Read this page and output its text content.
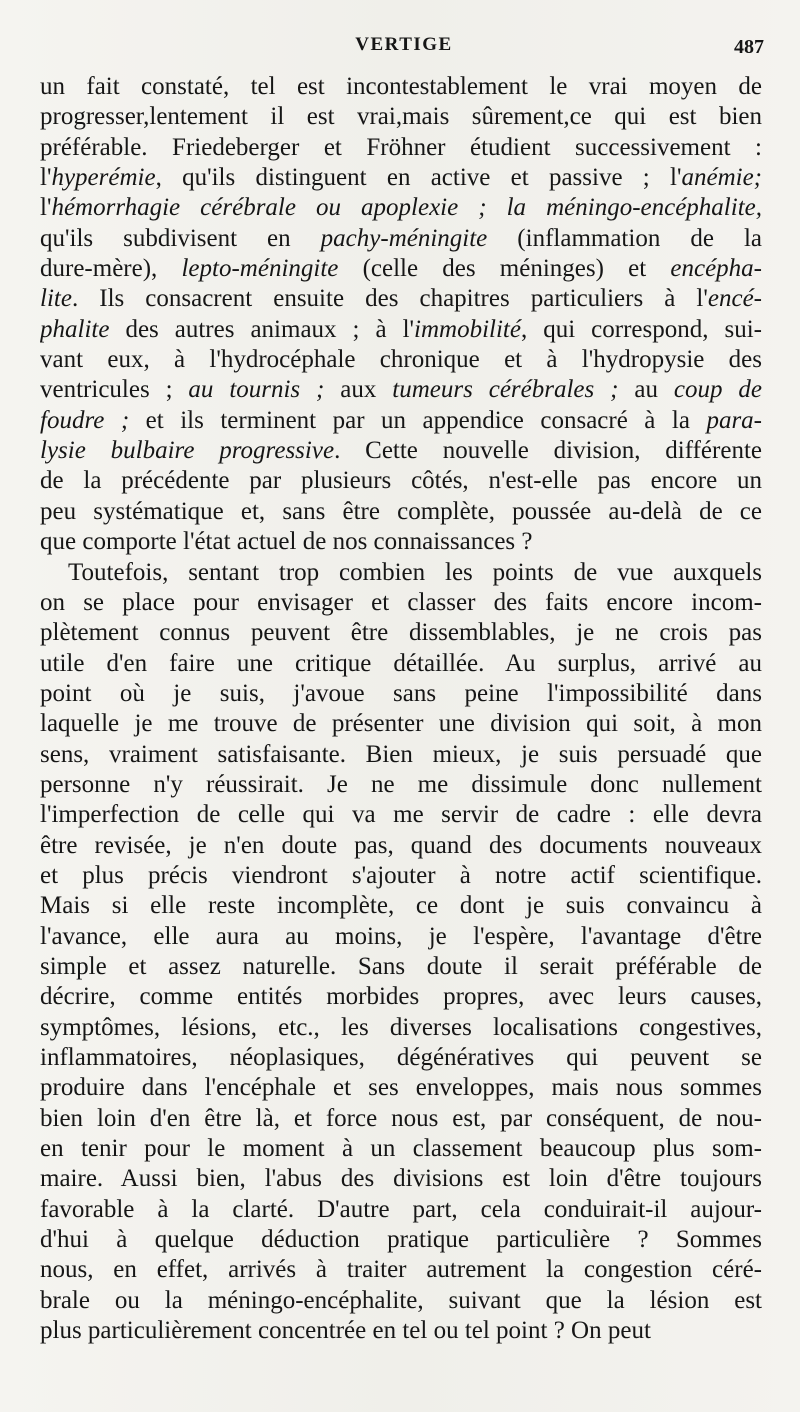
VERTIGE	487
un fait constaté, tel est incontestablement le vrai moyen de
progresser,lentement il est vrai,mais sûrement,ce qui est bien
préférable. Friedeberger et Fröhner étudient successivement :
l'hyperémie, qu'ils distinguent en active et passive ; l'anémie;
l'hémorrhagie cérébrale ou apoplexie ; la méningo-encéphalite,
qu'ils subdivisent en pachy-méningite (inflammation de la
dure-mère), lepto-méningite (celle des méninges) et encépha-
lite. Ils consacrent ensuite des chapitres particuliers à l'encé-
phalite des autres animaux ; à l'immobilité, qui correspond, sui-
vant eux, à l'hydrocéphale chronique et à l'hydropysie des
ventricules ; au tournis ; aux tumeurs cérébrales ; au coup de
foudre ; et ils terminent par un appendice consacré à la para-
lysie bulbaire progressive. Cette nouvelle division, différente
de la précédente par plusieurs côtés, n'est-elle pas encore un
peu systématique et, sans être complète, poussée au-delà de ce
que comporte l'état actuel de nos connaissances ?
Toutefois, sentant trop combien les points de vue auxquels
on se place pour envisager et classer des faits encore incom-
plètement connus peuvent être dissemblables, je ne crois pas
utile d'en faire une critique détaillée. Au surplus, arrivé au
point où je suis, j'avoue sans peine l'impossibilité dans
laquelle je me trouve de présenter une division qui soit, à mon
sens, vraiment satisfaisante. Bien mieux, je suis persuadé que
personne n'y réussirait. Je ne me dissimule donc nullement
l'imperfection de celle qui va me servir de cadre : elle devra
être revisée, je n'en doute pas, quand des documents nouveaux
et plus précis viendront s'ajouter à notre actif scientifique.
Mais si elle reste incomplète, ce dont je suis convaincu à
l'avance, elle aura au moins, je l'espère, l'avantage d'être
simple et assez naturelle. Sans doute il serait préférable de
décrire, comme entités morbides propres, avec leurs causes,
symptômes, lésions, etc., les diverses localisations congestives,
inflammatoires, néoplasiques, dégénératives qui peuvent se
produire dans l'encéphale et ses enveloppes, mais nous sommes
bien loin d'en être là, et force nous est, par conséquent, de nou-
en tenir pour le moment à un classement beaucoup plus som-
maire. Aussi bien, l'abus des divisions est loin d'être toujours
favorable à la clarté. D'autre part, cela conduirait-il aujour-
d'hui à quelque déduction pratique particulière ? Sommes
nous, en effet, arrivés à traiter autrement la congestion céré-
brale ou la méningo-encéphalite, suivant que la lésion est
plus particulièrement concentrée en tel ou tel point ? On peut
